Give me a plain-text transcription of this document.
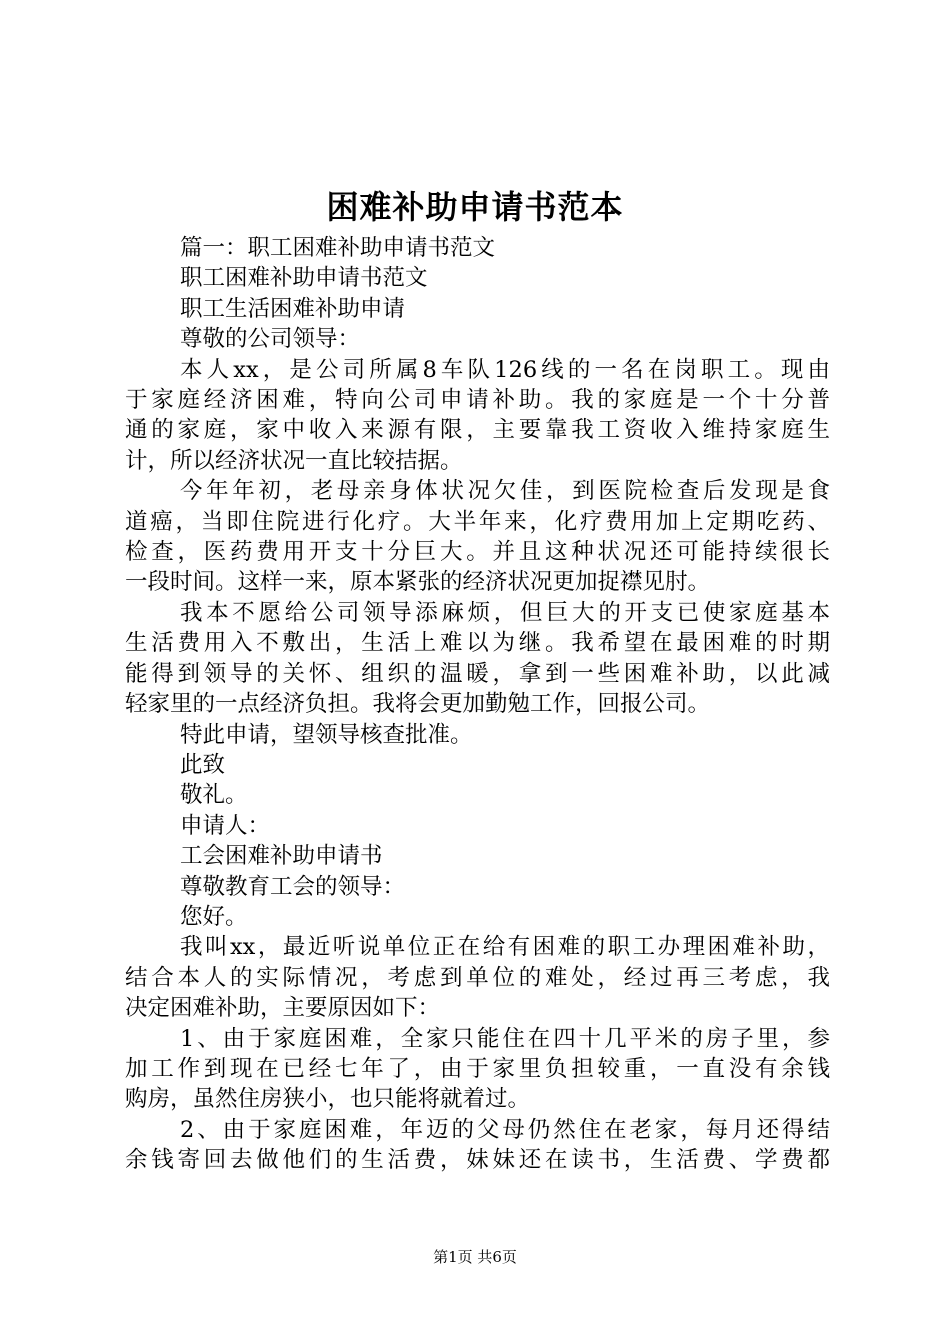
困难补助申请书范本

篇一：职工困难补助申请书范文

职工困难补助申请书范文

职工生活困难补助申请

尊敬的公司领导：

本人xx，是公司所属8车队126线的一名在岗职工。现由

于家庭经济困难，特向公司申请补助。我的家庭是一个十分普

通的家庭，家中收入来源有限，主要靠我工资收入维持家庭生

计，所以经济状况一直比较拮据。

今年年初，老母亲身体状况欠佳，到医院检查后发现是食

道癌，当即住院进行化疗。大半年来，化疗费用加上定期吃药、

检查，医药费用开支十分巨大。并且这种状况还可能持续很长

一段时间。这样一来，原本紧张的经济状况更加捉襟见肘。

我本不愿给公司领导添麻烦，但巨大的开支已使家庭基本

生活费用入不敷出，生活上难以为继。我希望在最困难的时期

能得到领导的关怀、组织的温暖，拿到一些困难补助，以此减

轻家里的一点经济负担。我将会更加勤勉工作，回报公司。

特此申请，望领导核查批准。

此致

敬礼。

申请人：

工会困难补助申请书

尊敬教育工会的领导：

您好。

我叫xx，最近听说单位正在给有困难的职工办理困难补助，

结合本人的实际情况，考虑到单位的难处，经过再三考虑，我

决定困难补助，主要原因如下：

1、由于家庭困难，全家只能住在四十几平米的房子里，参

加工作到现在已经七年了，由于家里负担较重，一直没有余钱

购房，虽然住房狭小，也只能将就着过。

2、由于家庭困难，年迈的父母仍然住在老家，每月还得结

余钱寄回去做他们的生活费，妹妹还在读书，生活费、学费都

第1页 共6页
